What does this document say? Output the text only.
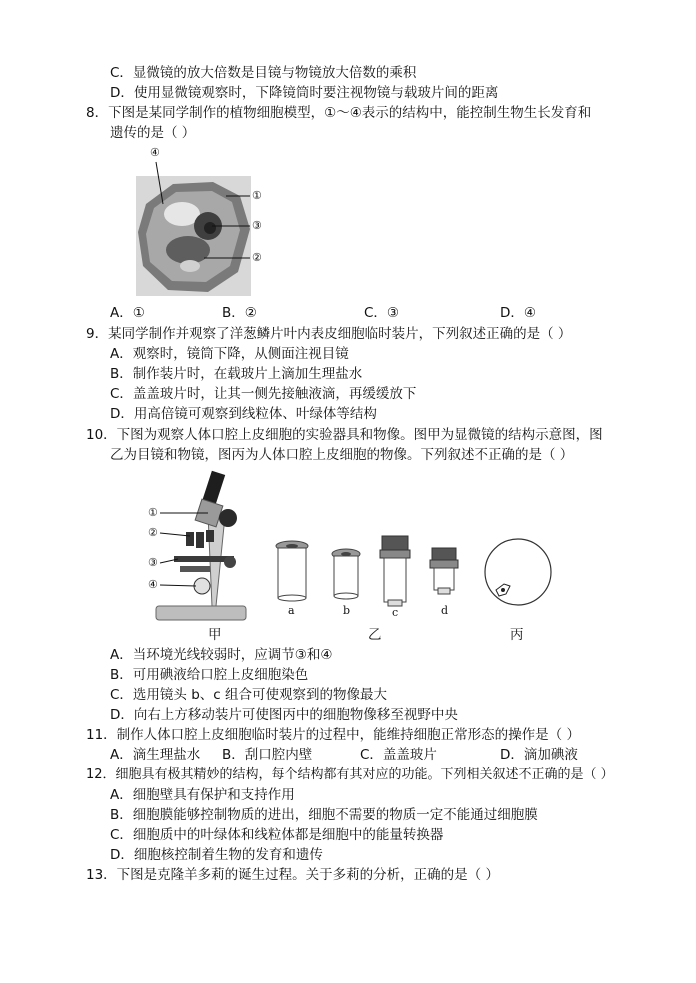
C．显微镜的放大倍数是目镜与物镜放大倍数的乘积
D．使用显微镜观察时，下降镜筒时要注视物镜与载玻片间的距离
8．下图是某同学制作的植物细胞模型，①～④表示的结构中，能控制生物生长发育和
遗传的是（ ）
④
①
③
②
A．①	B．②	C．③	D．④
9．某同学制作并观察了洋葱鳞片叶内表皮细胞临时装片，下列叙述正确的是（ ）
A．观察时，镜筒下降，从侧面注视目镜
B．制作装片时，在载玻片上滴加生理盐水
C．盖盖玻片时，让其一侧先接触液滴，再缓缓放下
D．用高倍镜可观察到线粒体、叶绿体等结构
10．下图为观察人体口腔上皮细胞的实验器具和物像。图甲为显微镜的结构示意图，图
乙为目镜和物镜，图丙为人体口腔上皮细胞的物像。下列叙述不正确的是（ ）
①
②
③
④
a	b	c	d
甲	乙	丙
A．当环境光线较弱时，应调节③和④
B．可用碘液给口腔上皮细胞染色
C．选用镜头 b、c 组合可使观察到的物像最大
D．向右上方移动装片可使图丙中的细胞物像移至视野中央
11．制作人体口腔上皮细胞临时装片的过程中，能维持细胞正常形态的操作是（ ）
A．滴生理盐水 B．刮口腔内壁	C．盖盖玻片	D．滴加碘液
12．细胞具有极其精妙的结构，每个结构都有其对应的功能。下列相关叙述不正确的是（ ）
A．细胞壁具有保护和支持作用
B．细胞膜能够控制物质的进出，细胞不需要的物质一定不能通过细胞膜
C．细胞质中的叶绿体和线粒体都是细胞中的能量转换器
D．细胞核控制着生物的发育和遗传
13．下图是克隆羊多莉的诞生过程。关于多莉的分析，正确的是（ ）
